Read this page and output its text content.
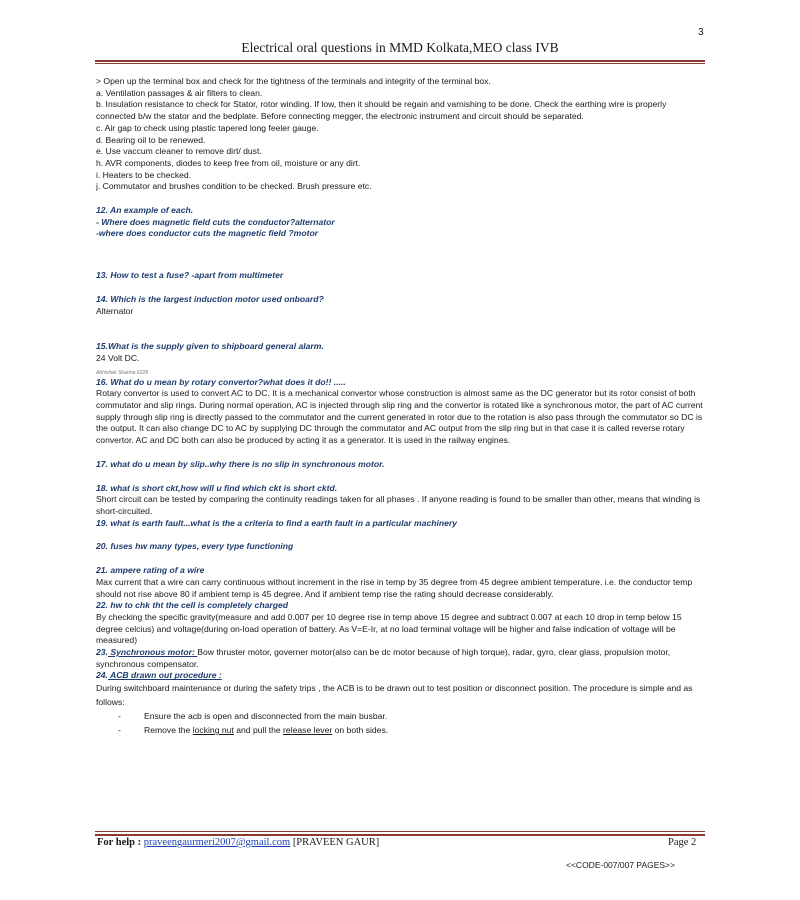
3
Electrical oral questions in MMD Kolkata,MEO class IVB

> Open up the terminal box and check for the tightness of the terminals and integrity of the terminal box.

a. Ventilation passages & air filters to clean.

b. Insulation resistance to check for Stator, rotor winding. If low, then it should be regain and varnishing to be done. Check the earthing wire is properly connected b/w the stator and the bedplate. Before connecting megger, the electronic instrument and circuit should be separated.

c. Air gap to check using plastic tapered long feeler gauge.

d. Bearing oil to be renewed.

e. Use vaccum cleaner to remove dirt/ dust.

h. AVR components, diodes to keep free from oil, moisture or any dirt.

i. Heaters to be checked.

j. Commutator and brushes condition to be checked. Brush pressure etc.

12. An example of each.

- Where does magnetic field cuts the conductor?alternator

-where does conductor cuts the magnetic field ?motor

13. How to test a fuse? -apart from multimeter

14. Which is the largest induction motor used onboard?

Alternator

15.What is the supply given to shipboard general alarm.

24 Volt DC.

Abhishek Sharma 6228

16. What do u mean by rotary convertor?what does it do!! .....

Rotary convertor is used to convert AC to DC. It is a mechanical convertor whose construction is almost same as the DC generator but its rotor consist of both commutator and slip rings. During normal operation, AC is injected through slip ring and the convertor is rotated like a synchronous motor, the part of AC current supply through slip ring is directly passed to the commutator and the current generated in rotor due to the rotation is also pass through the commutator so DC is the output. It can also change DC to AC by supplying DC through the commutator and AC output from the slip ring but in that case it is called reverse rotary convertor. AC and DC both can also be produced by acting it as a generator. It is used in the railway engines.

17. what do u mean by slip..why there is no slip in synchronous motor.

18. what is short ckt,how will u find which ckt is short cktd.

Short circuit can be tested by comparing the continuity readings taken for all phases . If anyone reading is found to be smaller than other, means that winding is short-circuited.

19. what is earth fault...what is the a criteria to find a earth fault in a particular machinery

20. fuses hw many types, every type functioning

21. ampere rating of a wire

Max current that a wire can carry continuous without increment in the rise in temp by 35 degree from 45 degree ambient temperature. i.e. the conductor temp should not rise above 80 if ambient temp is 45 degree. And if ambient temp rise the rating should decrease considerably.

22. hw to chk tht the cell is completely charged

By checking the specific gravity(measure and add 0.007 per 10 degree rise in temp above 15 degree and subtract 0.007 at each 10 drop in temp below 15 degree celcius) and voltage(during on-load operation of battery. As V=E-Ir, at no load terminal voltage will be higher and false indication of voltage will be measured)

23. Synchronous motor: Bow thruster motor, governer motor(also can be dc motor because of high torque), radar, gyro, clear glass, propulsion motor, synchronous compensator.

24. ACB drawn out procedure :

During switchboard maintenance or during the safety trips , the ACB is to be drawn out to test position or disconnect position. The procedure is simple and as follows:

-	Ensure the acb is open and disconnected from the main busbar.
-	Remove the locking nut and pull the release lever on both sides.
For help : praveengaurmeri2007@gmail.com [PRAVEEN GAUR]	Page 2
<<CODE-007/007 PAGES>>
